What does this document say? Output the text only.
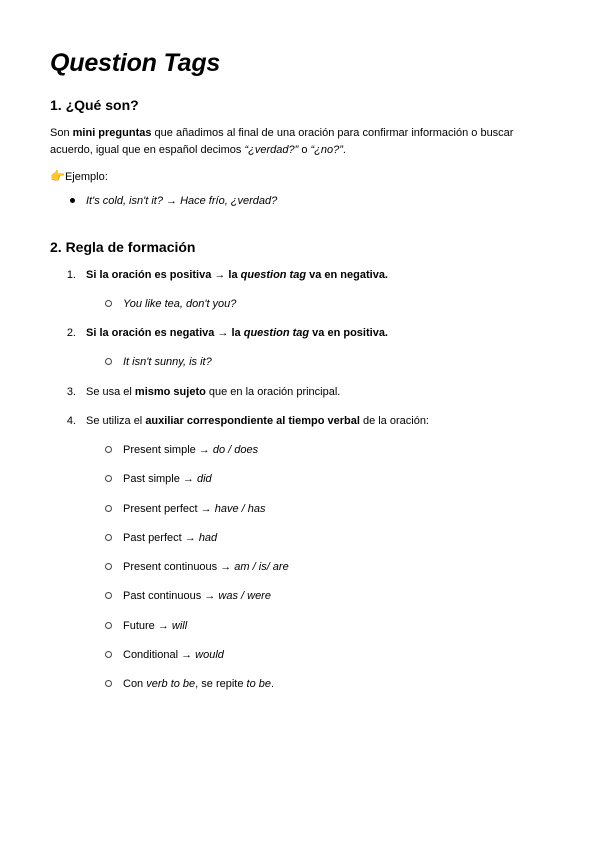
Question Tags
1. ¿Qué son?

Son mini preguntas que añadimos al final de una oración para confirmar información o buscar
acuerdo, igual que en español decimos “¿verdad?” o “¿no?”.

👉Ejemplo:

It's cold, isn't it? → Hace frío, ¿verdad?
2. Regla de formación
1. Si la oración es positiva → la question tag va en negativa.
You like tea, don't you?
2. Si la oración es negativa → la question tag va en positiva.
It isn't sunny, is it?
3. Se usa el mismo sujeto que en la oración principal.
4. Se utiliza el auxiliar correspondiente al tiempo verbal de la oración:
Present simple → do / does
Past simple → did
Present perfect → have / has
Past perfect → had
Present continuous → am / is/ are
Past continuous → was / were
Future → will
Conditional → would
Con verb to be, se repite to be.
